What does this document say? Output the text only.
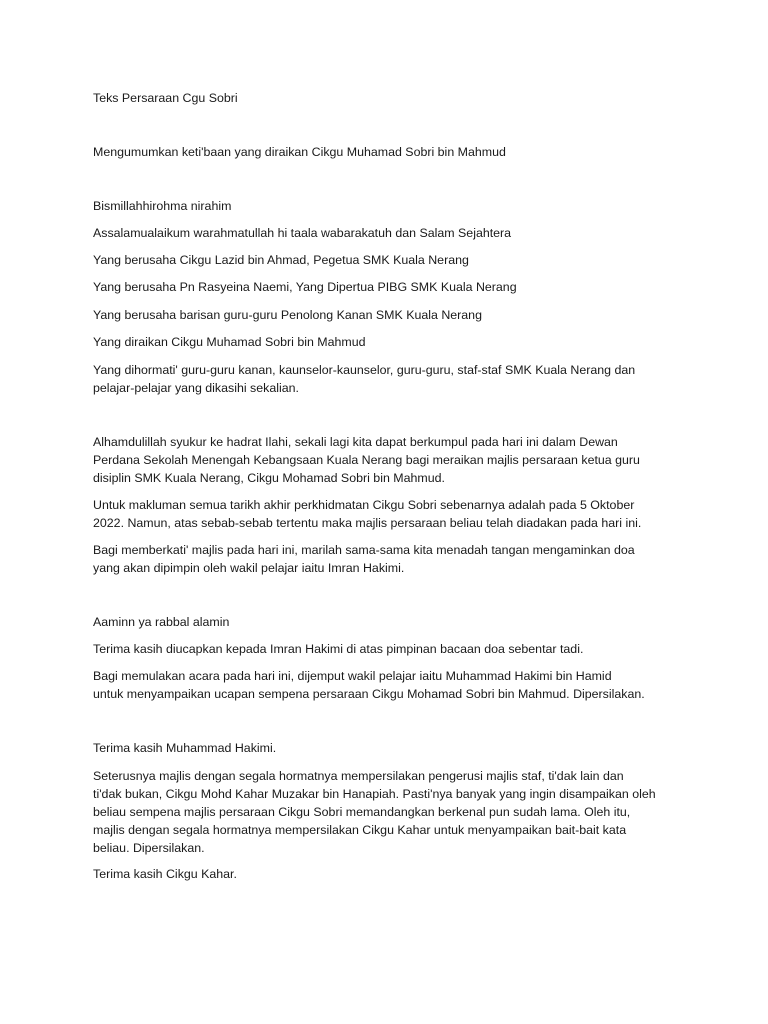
Teks Persaraan Cgu Sobri

Mengumumkan keti'baan yang diraikan Cikgu Muhamad Sobri bin Mahmud

Bismillahhirohma nirahim

Assalamualaikum warahmatullah hi taala wabarakatuh dan Salam Sejahtera

Yang berusaha Cikgu Lazid bin Ahmad, Pegetua SMK Kuala Nerang

Yang berusaha Pn Rasyeina Naemi, Yang Dipertua PIBG SMK Kuala Nerang

Yang berusaha barisan guru-guru Penolong Kanan SMK Kuala Nerang

Yang diraikan Cikgu Muhamad Sobri bin Mahmud

Yang dihormati' guru-guru kanan, kaunselor-kaunselor, guru-guru, staf-staf SMK Kuala Nerang dan
pelajar-pelajar yang dikasihi sekalian.

Alhamdulillah syukur ke hadrat Ilahi, sekali lagi kita dapat berkumpul pada hari ini dalam Dewan
Perdana Sekolah Menengah Kebangsaan Kuala Nerang bagi meraikan majlis persaraan ketua guru
disiplin SMK Kuala Nerang, Cikgu Mohamad Sobri bin Mahmud.

Untuk makluman semua tarikh akhir perkhidmatan Cikgu Sobri sebenarnya adalah pada 5 Oktober
2022. Namun, atas sebab-sebab tertentu maka majlis persaraan beliau telah diadakan pada hari ini.

Bagi memberkati' majlis pada hari ini, marilah sama-sama kita menadah tangan mengaminkan doa
yang akan dipimpin oleh wakil pelajar iaitu Imran Hakimi.

Aaminn ya rabbal alamin

Terima kasih diucapkan kepada Imran Hakimi di atas pimpinan bacaan doa sebentar tadi.

Bagi memulakan acara pada hari ini, dijemput wakil pelajar iaitu Muhammad Hakimi bin Hamid
untuk menyampaikan ucapan sempena persaraan Cikgu Mohamad Sobri bin Mahmud. Dipersilakan.

Terima kasih Muhammad Hakimi.

Seterusnya majlis dengan segala hormatnya mempersilakan pengerusi majlis staf, ti'dak lain dan
ti'dak bukan, Cikgu Mohd Kahar Muzakar bin Hanapiah. Pasti'nya banyak yang ingin disampaikan oleh
beliau sempena majlis persaraan Cikgu Sobri memandangkan berkenal pun sudah lama. Oleh itu,
majlis dengan segala hormatnya mempersilakan Cikgu Kahar untuk menyampaikan bait-bait kata
beliau. Dipersilakan.

Terima kasih Cikgu Kahar.
